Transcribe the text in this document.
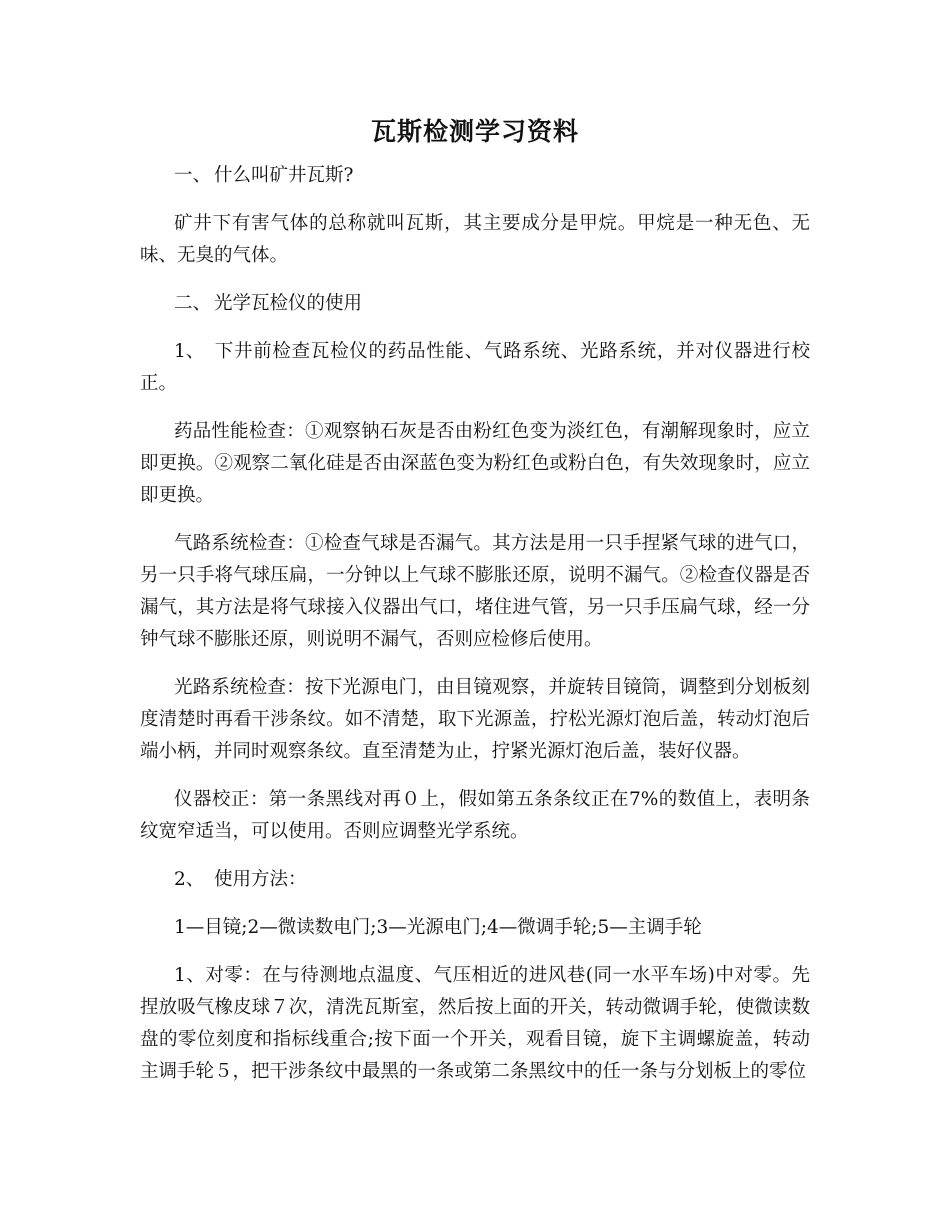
瓦斯检测学习资料

一、 什么叫矿井瓦斯?

矿井下有害气体的总称就叫瓦斯，其主要成分是甲烷。甲烷是一种无色、无味、无臭的气体。

二、 光学瓦检仪的使用

1、 下井前检查瓦检仪的药品性能、气路系统、光路系统，并对仪器进行校正。

药品性能检查：①观察钠石灰是否由粉红色变为淡红色，有潮解现象时，应立即更换。②观察二氧化硅是否由深蓝色变为粉红色或粉白色，有失效现象时，应立即更换。

气路系统检查：①检查气球是否漏气。其方法是用一只手捏紧气球的进气口，另一只手将气球压扁，一分钟以上气球不膨胀还原，说明不漏气。②检查仪器是否漏气，其方法是将气球接入仪器出气口，堵住进气管，另一只手压扁气球，经一分钟气球不膨胀还原，则说明不漏气，否则应检修后使用。

光路系统检查：按下光源电门，由目镜观察，并旋转目镜筒，调整到分划板刻度清楚时再看干涉条纹。如不清楚，取下光源盖，拧松光源灯泡后盖，转动灯泡后端小柄，并同时观察条纹。直至清楚为止，拧紧光源灯泡后盖，装好仪器。

仪器校正：第一条黑线对再０上，假如第五条条纹正在7%的数值上，表明条纹宽窄适当，可以使用。否则应调整光学系统。

2、 使用方法：

1—目镜;2—微读数电门;3—光源电门;4—微调手轮;5—主调手轮

1、对零：在与待测地点温度、气压相近的进风巷(同一水平车场)中对零。先捏放吸气橡皮球７次，清洗瓦斯室，然后按上面的开关，转动微调手轮，使微读数盘的零位刻度和指标线重合;按下面一个开关，观看目镜，旋下主调螺旋盖，转动主调手轮５，把干涉条纹中最黑的一条或第二条黑纹中的任一条与分划板上的零位
